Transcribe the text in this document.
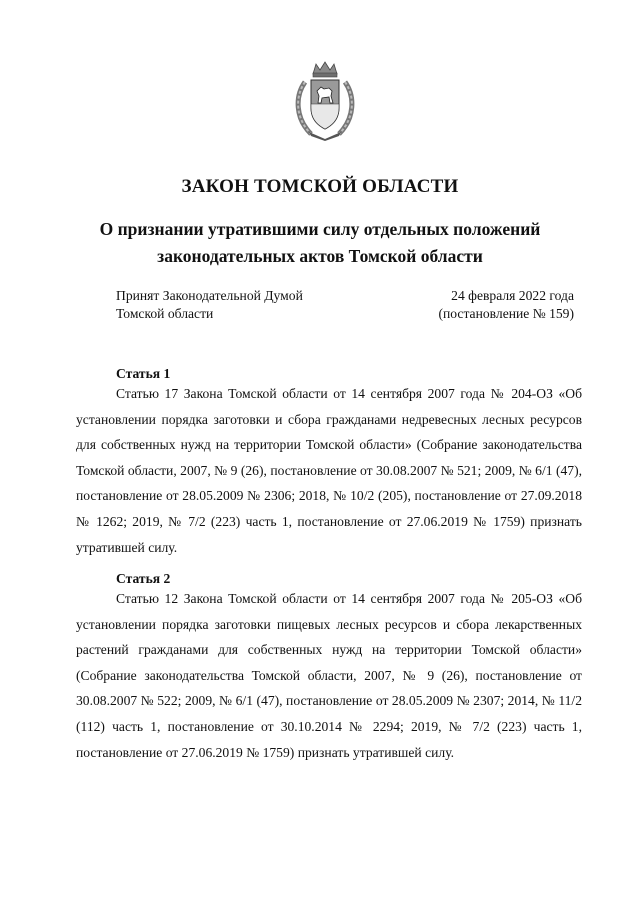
ЗАКОН ТОМСКОЙ ОБЛАСТИ
О признании утратившими силу отдельных положений
законодательных актов Томской области
Принят Законодательной Думой
Томской области
24 февраля 2022 года
(постановление № 159)
Статья 1
Статью 17 Закона Томской области от 14 сентября 2007 года № 204-ОЗ «Об установлении порядка заготовки и сбора гражданами недревесных лесных ресурсов для собственных нужд на территории Томской области» (Собрание законодательства Томской области, 2007, № 9 (26), постановление от 30.08.2007 № 521; 2009, № 6/1 (47), постановление от 28.05.2009 № 2306; 2018, № 10/2 (205), постановление от 27.09.2018 № 1262; 2019, № 7/2 (223) часть 1, постановление от 27.06.2019 № 1759) признать утратившей силу.
Статья 2
Статью 12 Закона Томской области от 14 сентября 2007 года № 205-ОЗ «Об установлении порядка заготовки пищевых лесных ресурсов и сбора лекарственных растений гражданами для собственных нужд на территории Томской области» (Собрание законодательства Томской области, 2007, № 9 (26), постановление от 30.08.2007 № 522; 2009, № 6/1 (47), постановление от 28.05.2009 № 2307; 2014, № 11/2 (112) часть 1, постановление от 30.10.2014 № 2294; 2019, № 7/2 (223) часть 1, постановление от 27.06.2019 № 1759) признать утратившей силу.
